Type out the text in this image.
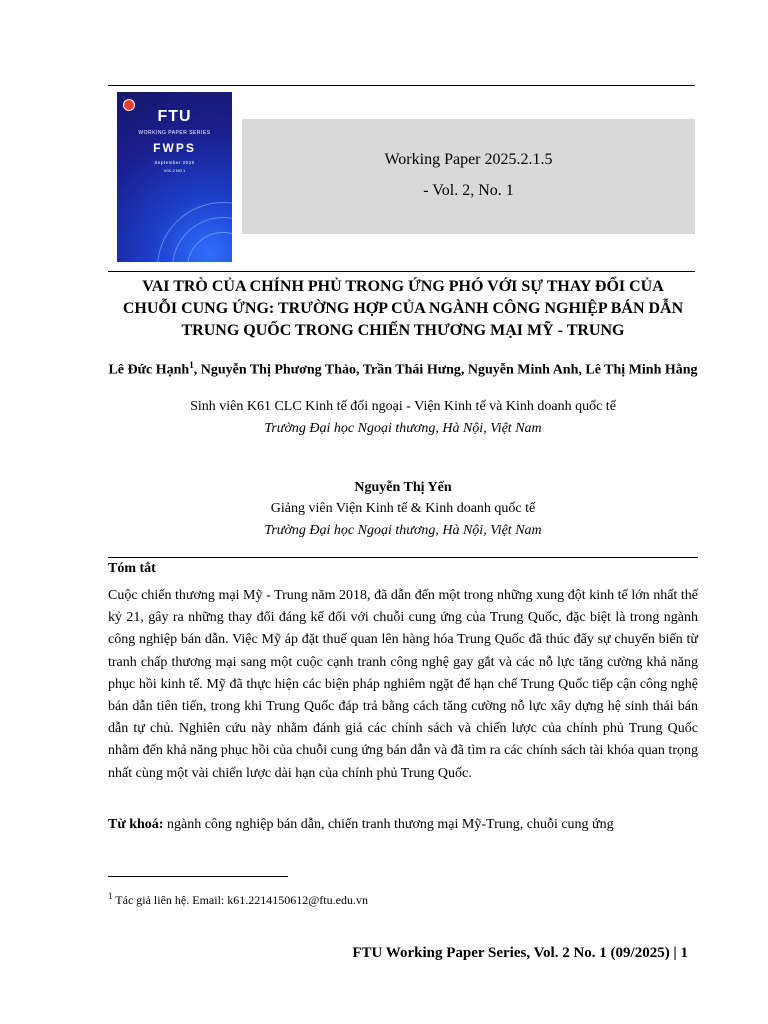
FTU
WORKING PAPER SERIES
FWPS
September 2025
VOL 2 NO 1
Working Paper 2025.2.1.5
- Vol. 2, No. 1
VAI TRÒ CỦA CHÍNH PHỦ TRONG ỨNG PHÓ VỚI SỰ THAY ĐỔI CỦA
CHUỖI CUNG ỨNG: TRƯỜNG HỢP CỦA NGÀNH CÔNG NGHIỆP BÁN DẪN
TRUNG QUỐC TRONG CHIẾN THƯƠNG MẠI MỸ - TRUNG
Lê Đức Hạnh$^1$, Nguyễn Thị Phương Thảo, Trần Thái Hưng, Nguyễn Minh Anh, Lê Thị Minh Hằng
Sinh viên K61 CLC Kinh tế đối ngoại - Viện Kinh tế và Kinh doanh quốc tế
Trường Đại học Ngoại thương, Hà Nội, Việt Nam
Nguyễn Thị Yến
Giảng viên Viện Kinh tế & Kinh doanh quốc tế
Trường Đại học Ngoại thương, Hà Nội, Việt Nam
Tóm tắt

Cuộc chiến thương mại Mỹ - Trung năm 2018, đã dẫn đến một trong những xung đột kinh tế lớn nhất thế kỷ 21, gây ra những thay đổi đáng kể đối với chuỗi cung ứng của Trung Quốc, đặc biệt là trong ngành công nghiệp bán dẫn. Việc Mỹ áp đặt thuế quan lên hàng hóa Trung Quốc đã thúc đẩy sự chuyển biến từ tranh chấp thương mại sang một cuộc cạnh tranh công nghệ gay gắt và các nỗ lực tăng cường khả năng phục hồi kinh tế. Mỹ đã thực hiện các biện pháp nghiêm ngặt để hạn chế Trung Quốc tiếp cận công nghệ bán dẫn tiên tiến, trong khi Trung Quốc đáp trả bằng cách tăng cường nỗ lực xây dựng hệ sinh thái bán dẫn tự chủ. Nghiên cứu này nhằm đánh giá các chính sách và chiến lược của chính phủ Trung Quốc nhằm đến khả năng phục hồi của chuỗi cung ứng bán dẫn và đã tìm ra các chính sách tài khóa quan trọng nhất cùng một vài chiến lược dài hạn của chính phủ Trung Quốc.

Từ khoá: ngành công nghiệp bán dẫn, chiến tranh thương mại Mỹ-Trung, chuỗi cung ứng

$^1$ Tác giả liên hệ. Email: k61.2214150612@ftu.edu.vn

FTU Working Paper Series, Vol. 2 No. 1 (09/2025) | 1
